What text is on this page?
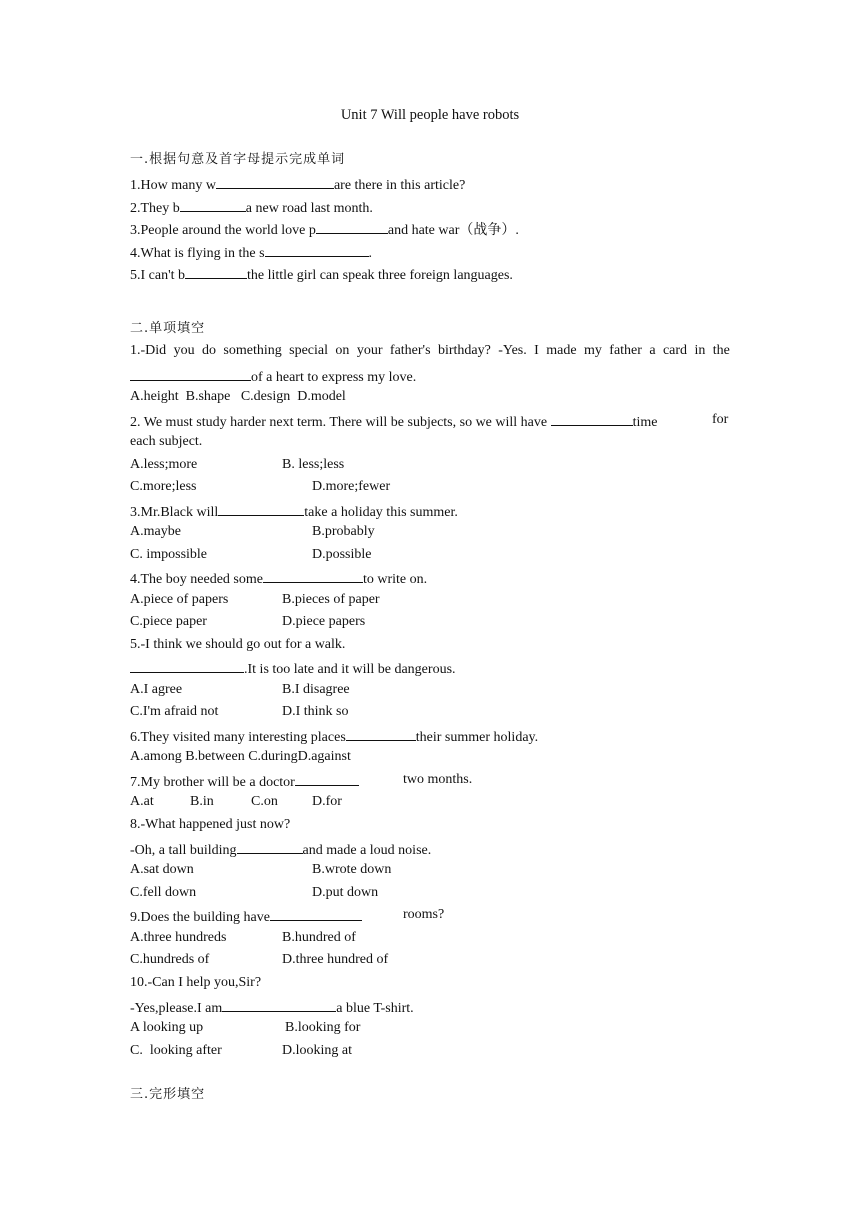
Unit 7 Will people have robots
一.根据句意及首字母提示完成单词
1.How many w	are there in this article?
2.They b	a new road last month.
3.People around the world love p	and hate war（战争）.
4.What is flying in the s	.
5.I can't b	the little girl can speak three foreign languages.
二.单项填空
1.-Did you do something special on your father's birthday? -Yes. I made my father a card in the
of a heart to express my love.
A.height  B.shape   C.design  D.model
2. We must study harder next term. There will be subjects, so we will have	time	for
each subject.
A.less;more	B. less;less
C.more;less	D.more;fewer
3.Mr.Black will	take a holiday this summer.
A.maybe	B.probably
C. impossible	D.possible
4.The boy needed some	to write on.
A.piece of papers	B.pieces of paper
C.piece paper	D.piece papers
5.-I think we should go out for a walk.
.It is too late and it will be dangerous.
A.I agree	B.I disagree
C.I'm afraid not	D.I think so
6.They visited many interesting places	their summer holiday.
A.among B.between C.duringD.against
7.My brother will be a doctor	two months.
A.at	B.in	C.on D.for
8.-What happened just now?
-Oh, a tall building	and made a loud noise.
A.sat down	B.wrote down
C.fell down	D.put down
9.Does the building have	rooms?
A.three hundreds	B.hundred of
C.hundreds of	D.three hundred of
10.-Can I help you,Sir?
-Yes,please.I am	a blue T-shirt.
A looking up	B.looking for
C.  looking after	D.looking at
三.完形填空
